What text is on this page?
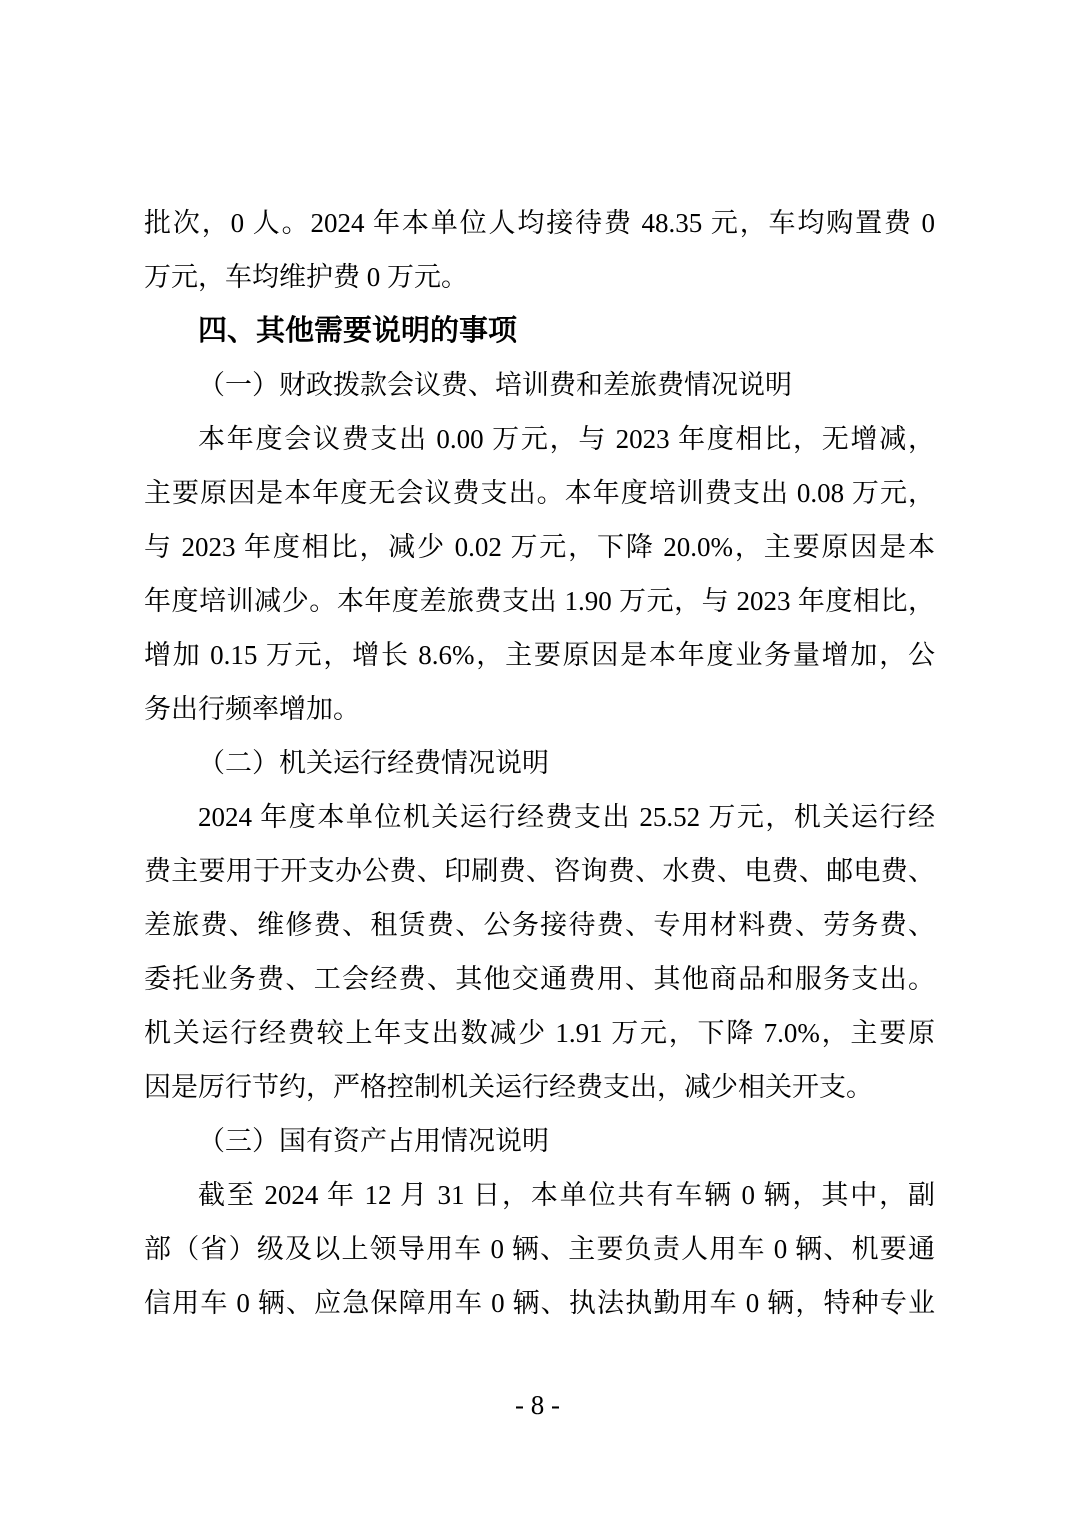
批次，0 人。2024 年本单位人均接待费 48.35 元，车均购置费 0
万元，车均维护费 0 万元。
四、其他需要说明的事项
（一）财政拨款会议费、培训费和差旅费情况说明
本年度会议费支出 0.00 万元，与 2023 年度相比，无增减，
主要原因是本年度无会议费支出。本年度培训费支出 0.08 万元，
与 2023 年度相比，减少 0.02 万元，下降 20.0%，主要原因是本
年度培训减少。本年度差旅费支出 1.90 万元，与 2023 年度相比，
增加 0.15 万元，增长 8.6%，主要原因是本年度业务量增加，公
务出行频率增加。
（二）机关运行经费情况说明
2024 年度本单位机关运行经费支出 25.52 万元，机关运行经
费主要用于开支办公费、印刷费、咨询费、水费、电费、邮电费、
差旅费、维修费、租赁费、公务接待费、专用材料费、劳务费、
委托业务费、工会经费、其他交通费用、其他商品和服务支出。
机关运行经费较上年支出数减少 1.91 万元，下降 7.0%，主要原
因是厉行节约，严格控制机关运行经费支出，减少相关开支。
（三）国有资产占用情况说明
截至 2024 年 12 月 31 日，本单位共有车辆 0 辆，其中，副
部（省）级及以上领导用车 0 辆、主要负责人用车 0 辆、机要通
信用车 0 辆、应急保障用车 0 辆、执法执勤用车 0 辆，特种专业
- 8 -
